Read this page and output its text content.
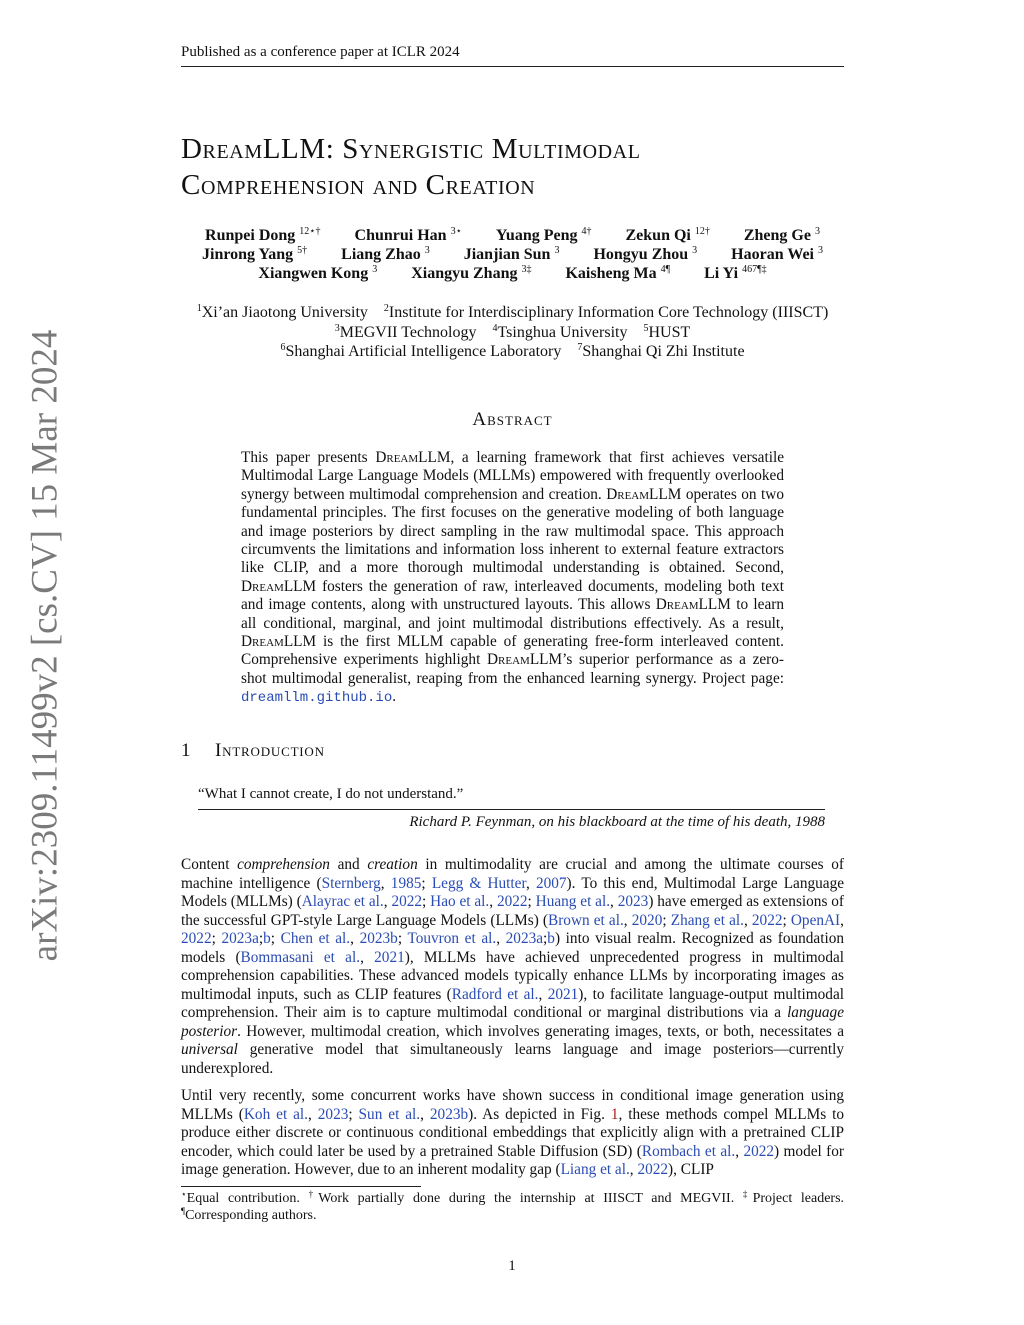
arXiv:2309.11499v2 [cs.CV] 15 Mar 2024
Published as a conference paper at ICLR 2024
DreamLLM: Synergistic Multimodal
Comprehension and Creation
Runpei Dong $^{12⋆\dagger}$ Chunrui Han $^{3⋆}$ Yuang Peng $^{4\dagger}$ Zekun Qi $^{12\dagger}$ Zheng Ge $^3$
Jinrong Yang $^{5\dagger}$ Liang Zhao $^3$ Jianjian Sun $^3$ Hongyu Zhou $^3$ Haoran Wei $^3$
Xiangwen Kong $^3$ Xiangyu Zhang $^{3\ddagger}$ Kaisheng Ma $^{4\P}$ Li Yi $^{467\P\ddagger}$
$^1$Xi’an Jiaotong University $^2$Institute for Interdisciplinary Information Core Technology (IIISCT)
$^3$MEGVII Technology $^4$Tsinghua University $^5$HUST
$^6$Shanghai Artificial Intelligence Laboratory $^7$Shanghai Qi Zhi Institute
Abstract

This paper presents DreamLLM, a learning framework that first achieves versatile Multimodal Large Language Models (MLLMs) empowered with frequently overlooked synergy between multimodal comprehension and creation. DreamLLM operates on two fundamental principles. The first focuses on the generative modeling of both language and image posteriors by direct sampling in the raw multimodal space. This approach circumvents the limitations and information loss inherent to external feature extractors like CLIP, and a more thorough multimodal understanding is obtained. Second, DreamLLM fosters the generation of raw, interleaved documents, modeling both text and image contents, along with unstructured layouts. This allows DreamLLM to learn all conditional, marginal, and joint multimodal distributions effectively. As a result, DreamLLM is the first MLLM capable of generating free-form interleaved content. Comprehensive experiments highlight DreamLLM’s superior performance as a zero-shot multimodal generalist, reaping from the enhanced learning synergy. Project page: dreamllm.github.io.

1 Introduction
“What I cannot create, I do not understand.”
Richard P. Feynman, on his blackboard at the time of his death, 1988

Content comprehension and creation in multimodality are crucial and among the ultimate courses of machine intelligence (Sternberg, 1985; Legg & Hutter, 2007). To this end, Multimodal Large Language Models (MLLMs) (Alayrac et al., 2022; Hao et al., 2022; Huang et al., 2023) have emerged as extensions of the successful GPT-style Large Language Models (LLMs) (Brown et al., 2020; Zhang et al., 2022; OpenAI, 2022; 2023a;b; Chen et al., 2023b; Touvron et al., 2023a;b) into visual realm. Recognized as foundation models (Bommasani et al., 2021), MLLMs have achieved unprecedented progress in multimodal comprehension capabilities. These advanced models typically enhance LLMs by incorporating images as multimodal inputs, such as CLIP features (Radford et al., 2021), to facilitate language-output multimodal comprehension. Their aim is to capture multimodal conditional or marginal distributions via a language posterior. However, multimodal creation, which involves generating images, texts, or both, necessitates a universal generative model that simultaneously learns language and image posteriors—currently underexplored.

Until very recently, some concurrent works have shown success in conditional image generation using MLLMs (Koh et al., 2023; Sun et al., 2023b). As depicted in Fig. 1, these methods compel MLLMs to produce either discrete or continuous conditional embeddings that explicitly align with a pretrained CLIP encoder, which could later be used by a pretrained Stable Diffusion (SD) (Rombach et al., 2022) model for image generation. However, due to an inherent modality gap (Liang et al., 2022), CLIP

⋆Equal contribution. †Work partially done during the internship at IIISCT and MEGVII. ‡Project leaders. ¶Corresponding authors.
1
